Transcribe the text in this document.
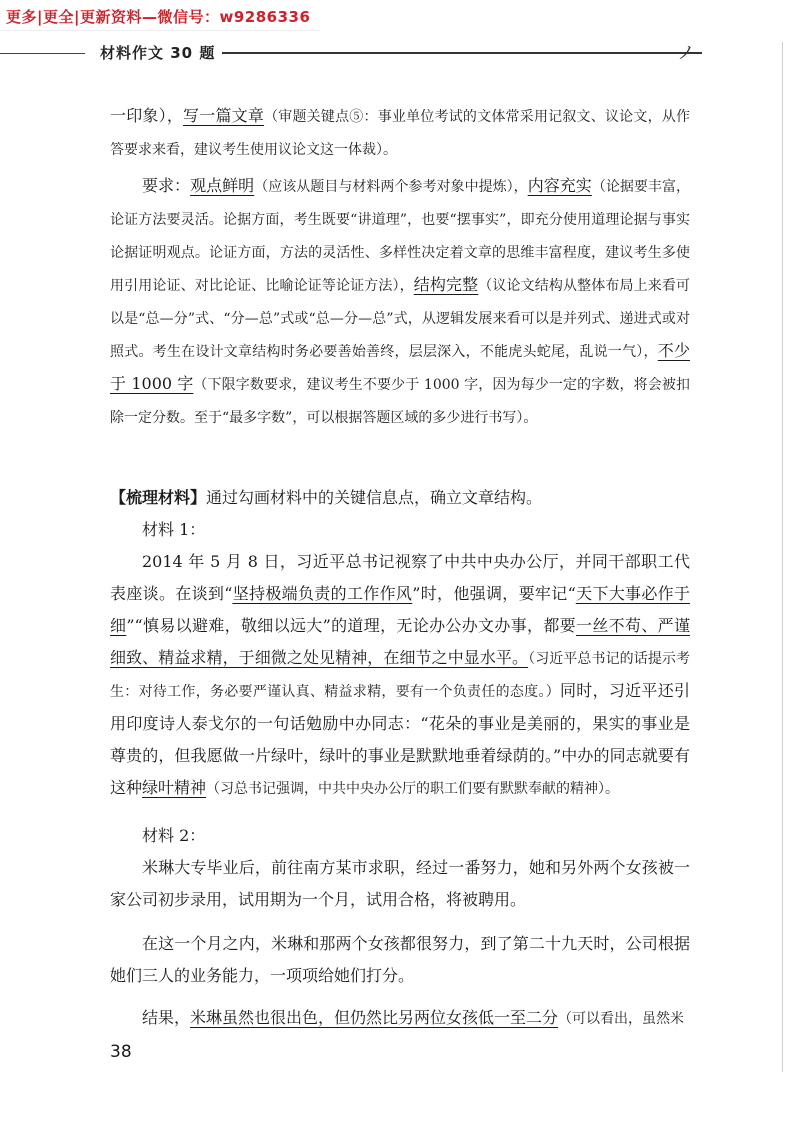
更多|更全|更新资料—微信号：w9286336
材料作文 30 题	ノ

一印象），写一篇文章（审题关键点⑤：事业单位考试的文体常采用记叙文、议论文，从作答要求来看，建议考生使用议论文这一体裁）。

要求：观点鲜明（应该从题目与材料两个参考对象中提炼），内容充实（论据要丰富，论证方法要灵活。论据方面，考生既要“讲道理”，也要“摆事实”，即充分使用道理论据与事实论据证明观点。论证方面，方法的灵活性、多样性决定着文章的思维丰富程度，建议考生多使用引用论证、对比论证、比喻论证等论证方法），结构完整（议论文结构从整体布局上来看可以是“总—分”式、“分—总”式或“总—分—总”式，从逻辑发展来看可以是并列式、递进式或对照式。考生在设计文章结构时务必要善始善终，层层深入，不能虎头蛇尾，乱说一气），不少于 1000 字（下限字数要求，建议考生不要少于 1000 字，因为每少一定的字数，将会被扣除一定分数。至于“最多字数”，可以根据答题区域的多少进行书写）。

【梳理材料】通过勾画材料中的关键信息点，确立文章结构。

材料 1：

2014 年 5 月 8 日，习近平总书记视察了中共中央办公厅，并同干部职工代表座谈。在谈到“坚持极端负责的工作作风”时，他强调，要牢记“天下大事必作于细”“慎易以避难，敬细以远大”的道理，无论办公办文办事，都要一丝不苟、严谨细致、精益求精，于细微之处见精神，在细节之中显水平。（习近平总书记的话提示考生：对待工作，务必要严谨认真、精益求精，要有一个负责任的态度。）同时，习近平还引用印度诗人泰戈尔的一句话勉励中办同志：“花朵的事业是美丽的，果实的事业是尊贵的，但我愿做一片绿叶，绿叶的事业是默默地垂着绿荫的。”中办的同志就要有这种绿叶精神（习总书记强调，中共中央办公厅的职工们要有默默奉献的精神）。

材料 2：

米琳大专毕业后，前往南方某市求职，经过一番努力，她和另外两个女孩被一家公司初步录用，试用期为一个月，试用合格，将被聘用。

在这一个月之内，米琳和那两个女孩都很努力，到了第二十九天时，公司根据她们三人的业务能力，一项项给她们打分。

结果，米琳虽然也很出色，但仍然比另两位女孩低一至二分（可以看出，虽然米

38
